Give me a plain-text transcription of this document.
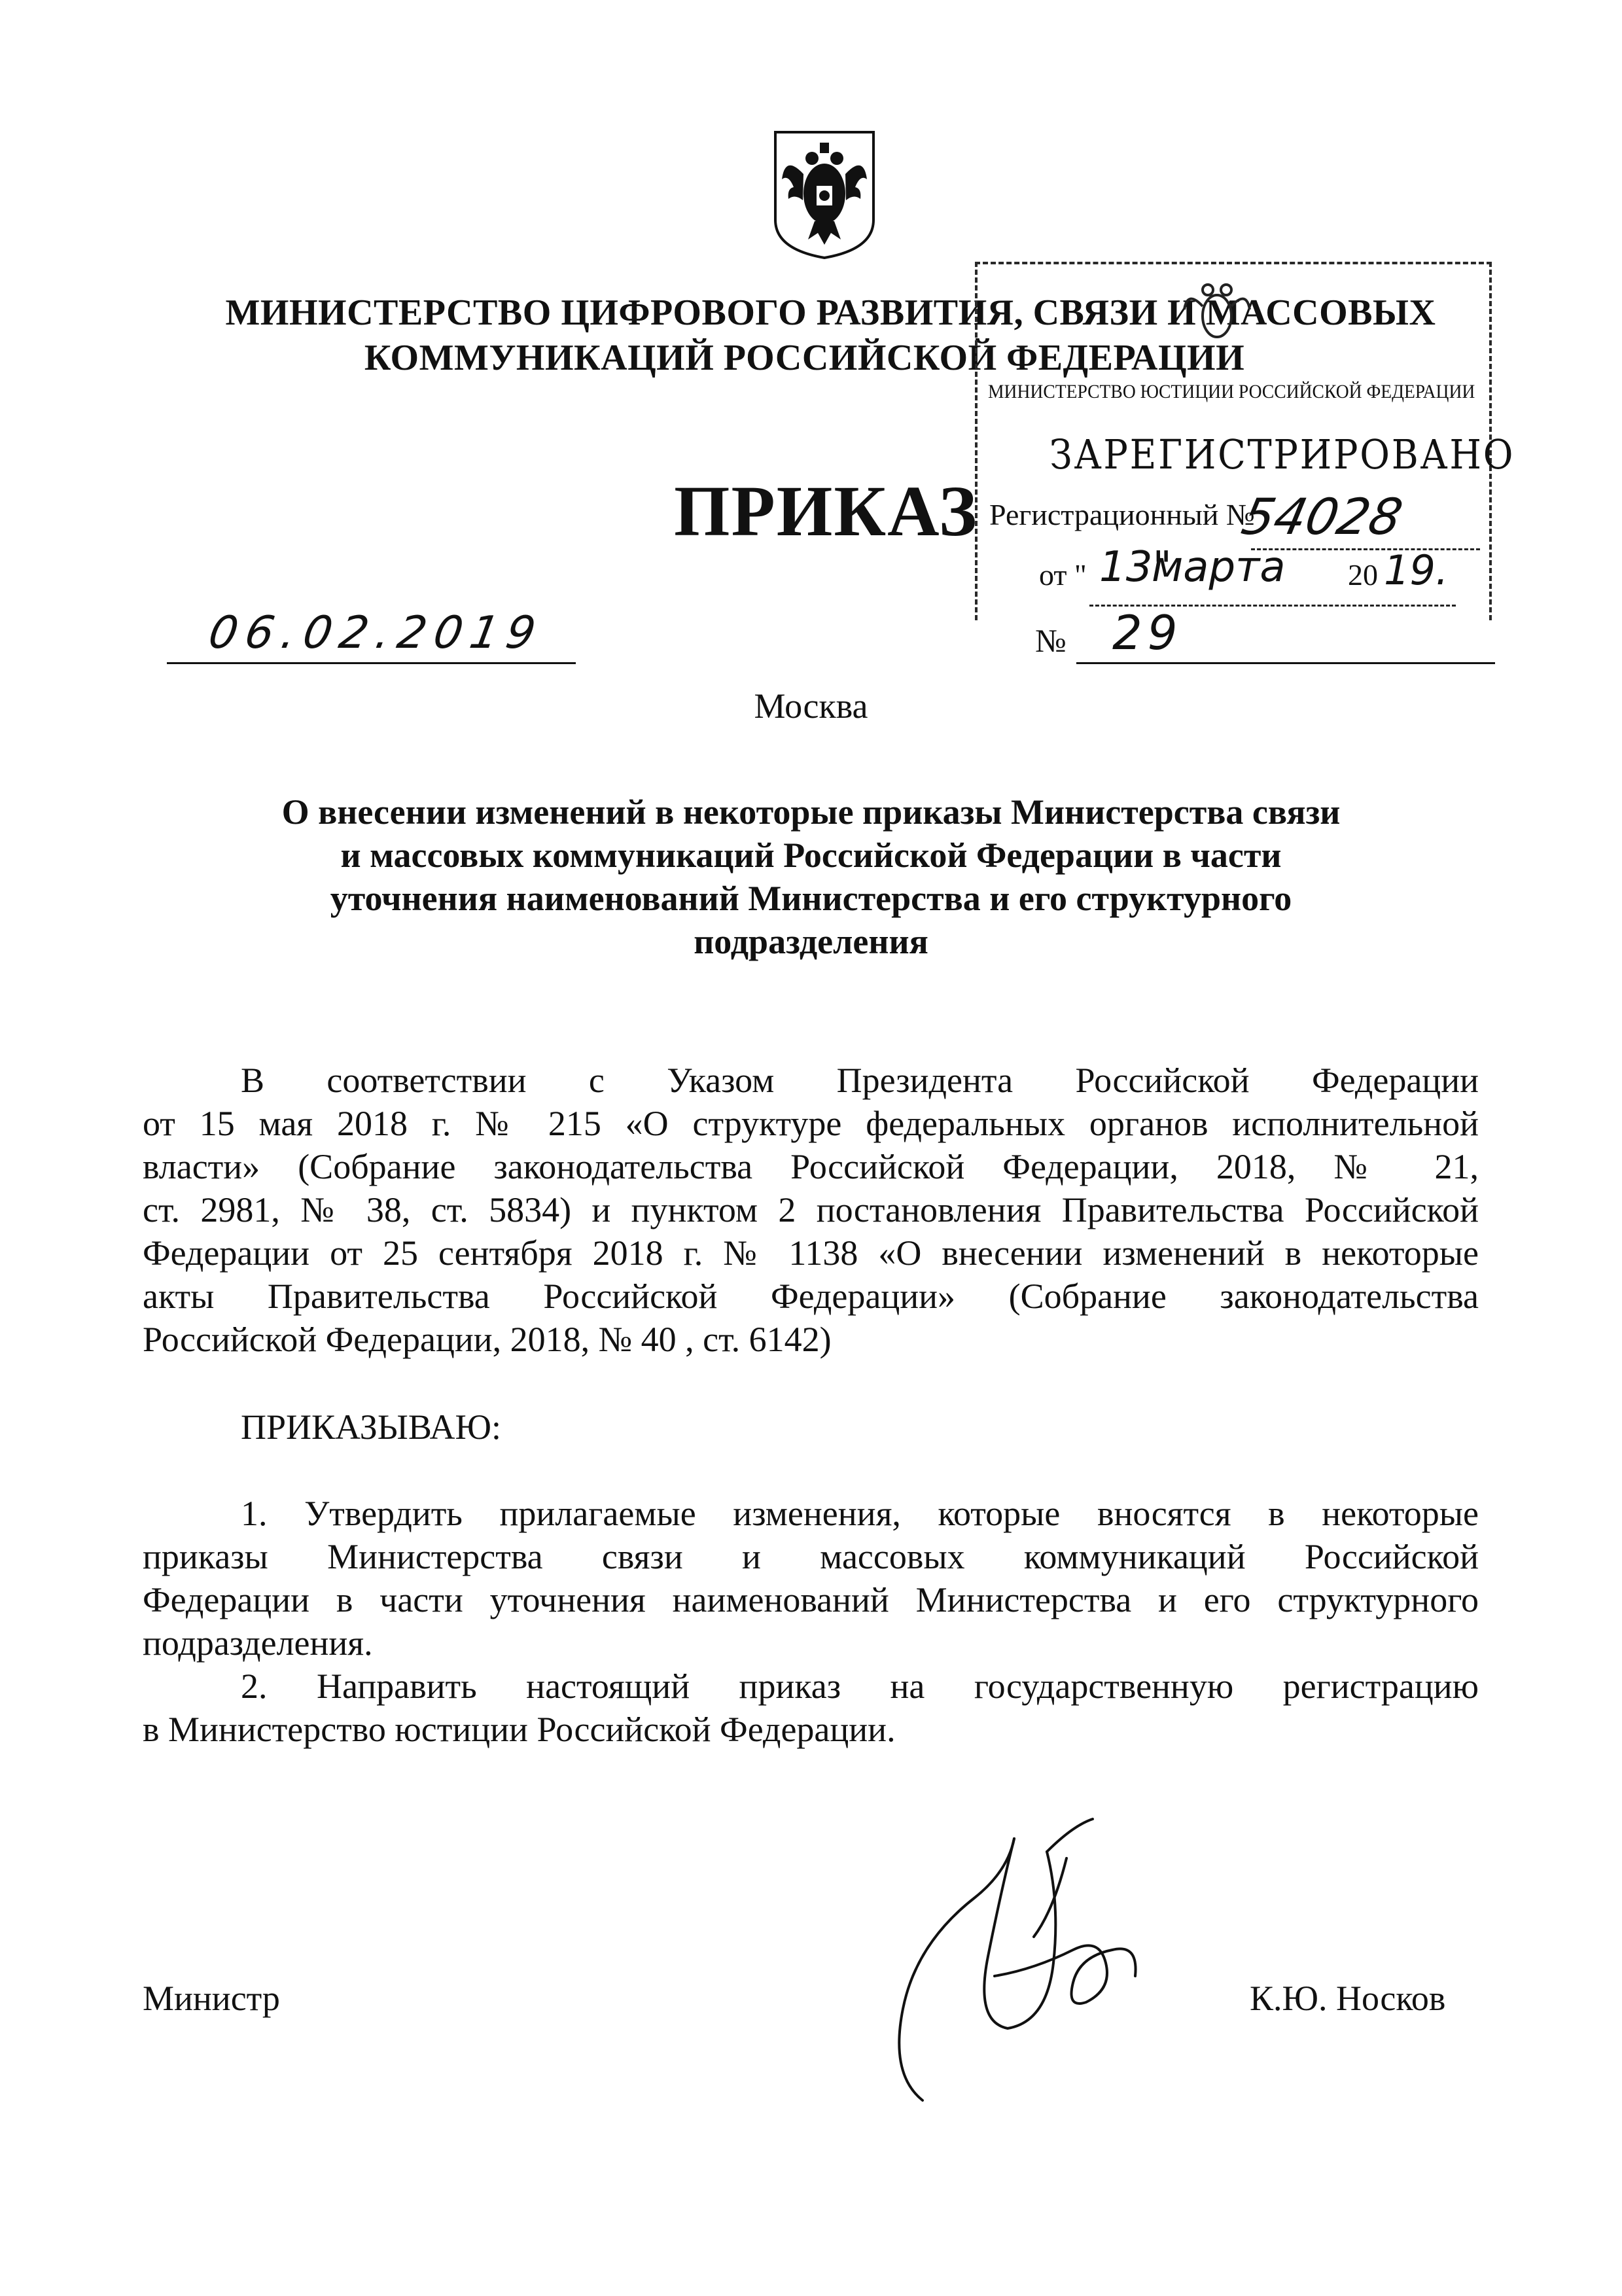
МИНИСТЕРСТВО ЦИФРОВОГО РАЗВИТИЯ, СВЯЗИ И МАССОВЫХ
КОММУНИКАЦИЙ РОССИЙСКОЙ ФЕДЕРАЦИИ
МИНИСТЕРСТВО ЮСТИЦИИ РОССИЙСКОЙ ФЕДЕРАЦИИ
ЗАРЕГИСТРИРОВАНО
Регистрационный №
54028
от " 13"
марта 20 19.
ПРИКАЗ
06.02.2019	№ 29
Москва
О внесении изменений в некоторые приказы Министерства связи
и массовых коммуникаций Российской Федерации в части
уточнения наименований Министерства и его структурного
подразделения
В соответствии с Указом Президента Российской Федерации
от 15 мая 2018 г. № 215 «О структуре федеральных органов исполнительной
власти» (Собрание законодательства Российской Федерации, 2018, № 21,
ст. 2981, № 38, ст. 5834) и пунктом 2 постановления Правительства Российской
Федерации от 25 сентября 2018 г. № 1138 «О внесении изменений в некоторые
акты Правительства Российской Федерации» (Собрание законодательства
Российской Федерации, 2018, № 40 , ст. 6142)
ПРИКАЗЫВАЮ:
1. Утвердить прилагаемые изменения, которые вносятся в некоторые
приказы Министерства связи и массовых коммуникаций Российской
Федерации в части уточнения наименований Министерства и его структурного
подразделения.
2. Направить настоящий приказ на государственную регистрацию
в Министерство юстиции Российской Федерации.
Министр	К.Ю. Носков
